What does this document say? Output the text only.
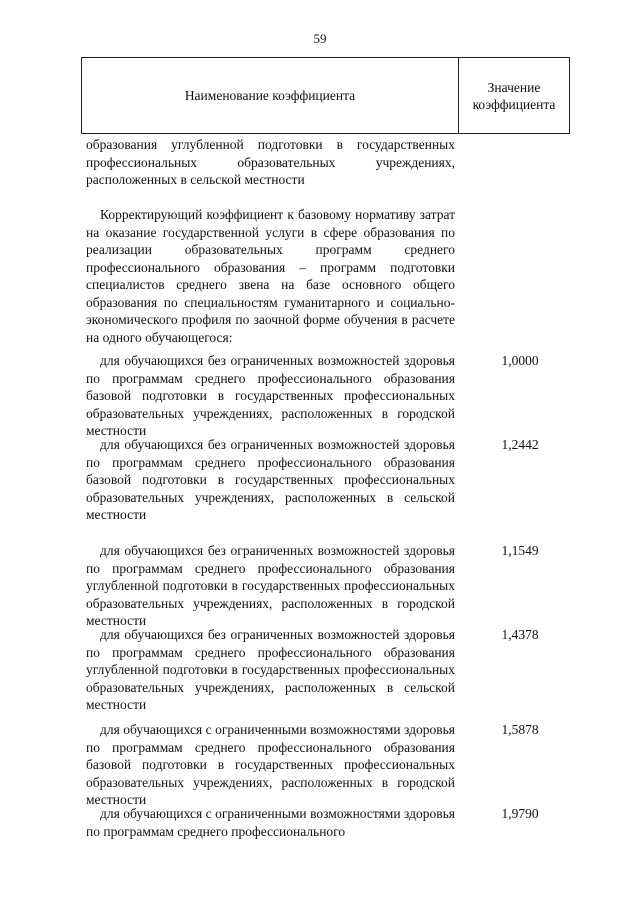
59
Наименование коэффициента
Значение
коэффициента
образования углубленной подготовки в государственных профессиональных образовательных учреждениях, расположенных в сельской местности
Корректирующий коэффициент к базовому нормативу затрат на оказание государственной услуги в сфере образования по реализации образовательных программ среднего профессионального образования – программ подготовки специалистов среднего звена на базе основного общего образования по специальностям гуманитарного и социально-экономического профиля по заочной форме обучения в расчете на одного обучающегося:
для обучающихся без ограниченных возможностей здоровья по программам среднего профессионального образования базовой подготовки в государственных профессиональных образовательных учреждениях, расположенных в городской местности
1,0000
для обучающихся без ограниченных возможностей здоровья по программам среднего профессионального образования базовой подготовки в государственных профессиональных образовательных учреждениях, расположенных в сельской местности
1,2442
для обучающихся без ограниченных возможностей здоровья по программам среднего профессионального образования углубленной подготовки в государственных профессиональных образовательных учреждениях, расположенных в городской местности
1,1549
для обучающихся без ограниченных возможностей здоровья по программам среднего профессионального образования углубленной подготовки в государственных профессиональных образовательных учреждениях, расположенных в сельской местности
1,4378
для обучающихся с ограниченными возможностями здоровья по программам среднего профессионального образования базовой подготовки в государственных профессиональных образовательных учреждениях, расположенных в городской местности
1,5878
для обучающихся с ограниченными возможностями здоровья по программам среднего профессионального
1,9790
